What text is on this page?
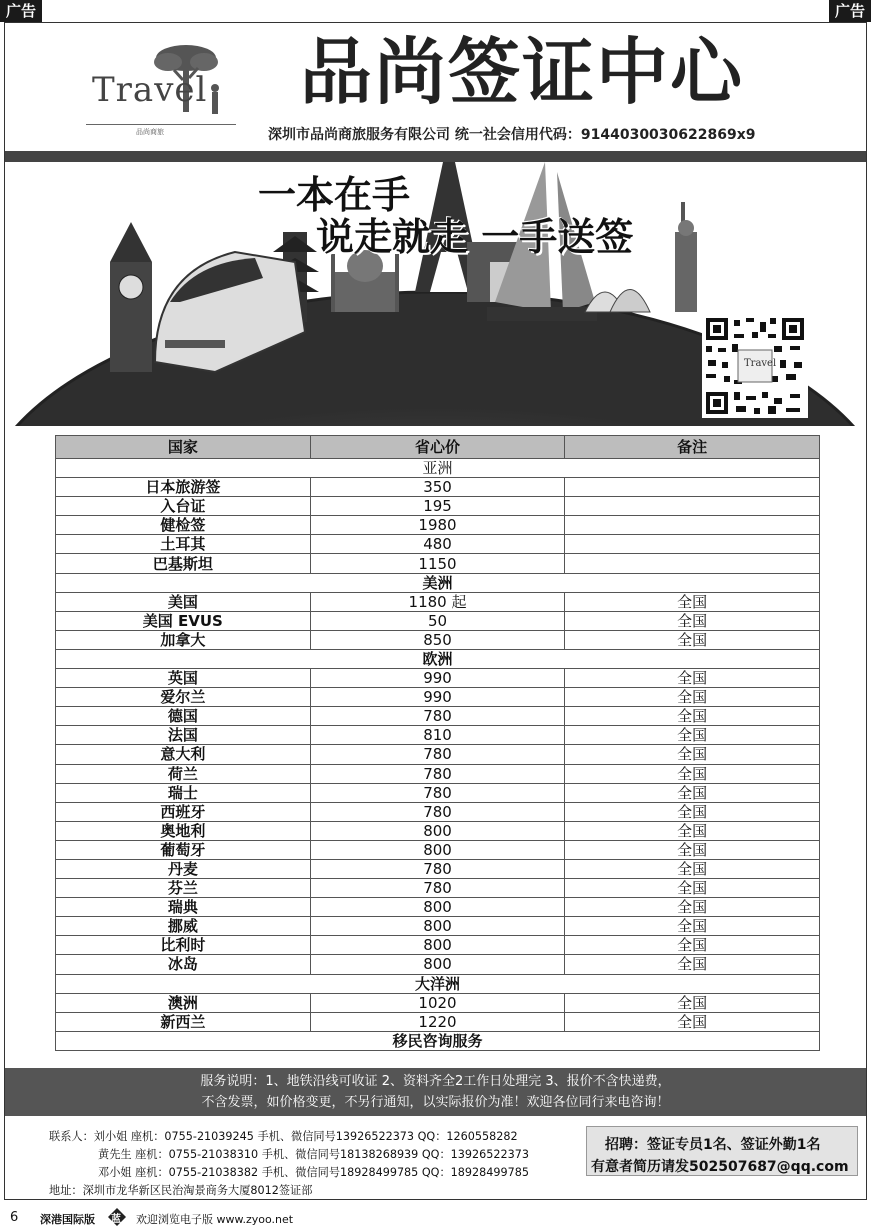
广告	广告
Travel
品尚商旅
品尚签证中心
深圳市品尚商旅服务有限公司 统一社会信用代码：9144030030622869x9
一本在手
说走就走 一手送签
Travel
国家	省心价	备注
亚洲		
日本旅游签	350	
入台证	195	
健检签	1980	
土耳其	480	
巴基斯坦	1150	
美洲		
美国	1180 起	全国
美国 EVUS	50	全国
加拿大	850	全国
欧洲		
英国	990	全国
爱尔兰	990	全国
德国	780	全国
法国	810	全国
意大利	780	全国
荷兰	780	全国
瑞士	780	全国
西班牙	780	全国
奥地利	800	全国
葡萄牙	800	全国
丹麦	780	全国
芬兰	780	全国
瑞典	800	全国
挪威	800	全国
比利时	800	全国
冰岛	800	全国
大洋洲		
澳洲	1020	全国
新西兰	1220	全国
移民咨询服务		
服务说明：1、地铁沿线可收证 2、资料齐全2工作日处理完 3、报价不含快递费，
不含发票，如价格变更，不另行通知，以实际报价为准！欢迎各位同行来电咨询！
联系人：刘小姐 座机：0755-21039245 手机、微信同号13926522373 QQ：1260558282
黄先生 座机：0755-21038310 手机、微信同号18138268939 QQ：13926522373
邓小姐 座机：0755-21038382 手机、微信同号18928499785 QQ：18928499785
地址：深圳市龙华新区民治淘景商务大厦8012签证部
招聘：签证专员1名、签证外勤1名
有意者简历请发502507687@qq.com
6 深港国际版 蓝 欢迎浏览电子版 www.zyoo.net
